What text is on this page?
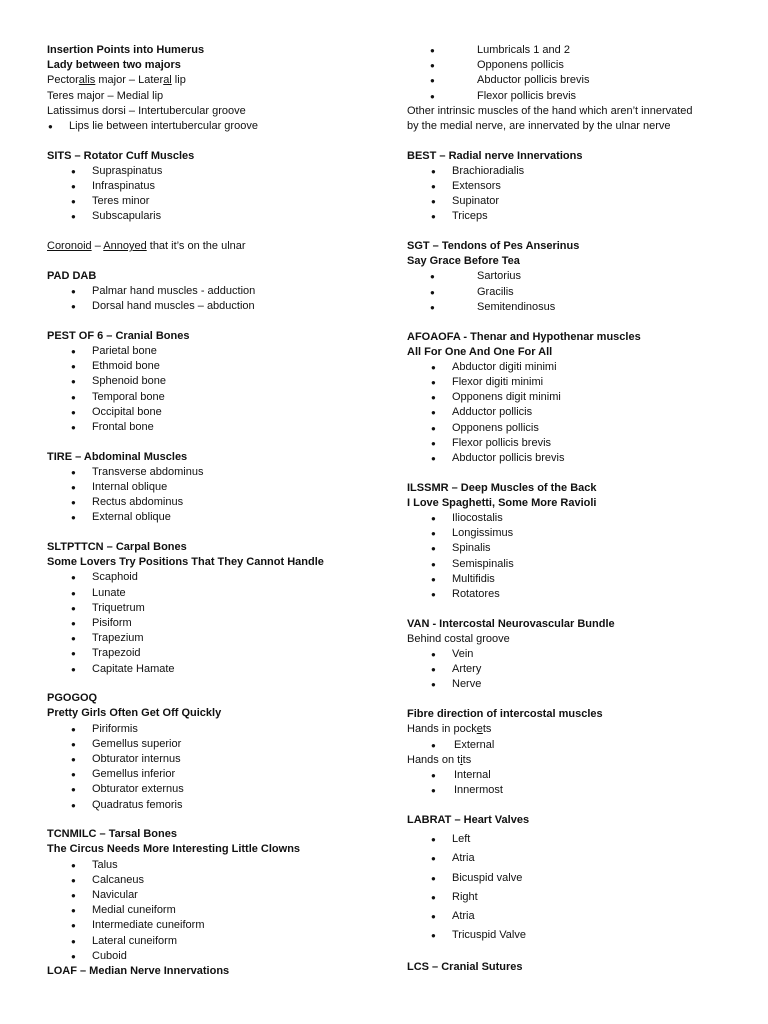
Insertion Points into Humerus
Lady between two majors
Pectoralis major – Lateral lip
Teres major – Medial lip
Latissimus dorsi – Intertubercular groove
● Lips lie between intertubercular groove
SITS – Rotator Cuff Muscles
● Supraspinatus
● Infraspinatus
● Teres minor
● Subscapularis
Coronoid – Annoyed that it’s on the ulnar
PAD DAB
● Palmar hand muscles - adduction
● Dorsal hand muscles – abduction
PEST OF 6 – Cranial Bones
● Parietal bone
● Ethmoid bone
● Sphenoid bone
● Temporal bone
● Occipital bone
● Frontal bone
TIRE – Abdominal Muscles
● Transverse abdominus
● Internal oblique
● Rectus abdominus
● External oblique
SLTPTTCN – Carpal Bones
Some Lovers Try Positions That They Cannot Handle
● Scaphoid
● Lunate
● Triquetrum
● Pisiform
● Trapezium
● Trapezoid
● Capitate Hamate
PGOGOQ
Pretty Girls Often Get Off Quickly
● Piriformis
● Gemellus superior
● Obturator internus
● Gemellus inferior
● Obturator externus
● Quadratus femoris
TCNMILC – Tarsal Bones
The Circus Needs More Interesting Little Clowns
● Talus
● Calcaneus
● Navicular
● Medial cuneiform
● Intermediate cuneiform
● Lateral cuneiform
● Cuboid
LOAF – Median Nerve Innervations
●	Lumbricals 1 and 2
●	Opponens pollicis
●	Abductor pollicis brevis
●	Flexor pollicis brevis
Other intrinsic muscles of the hand which aren’t innervated
by the medial nerve, are innervated by the ulnar nerve
BEST – Radial nerve Innervations
● Brachioradialis
● Extensors
● Supinator
● Triceps
SGT – Tendons of Pes Anserinus
Say Grace Before Tea
●	Sartorius
●	Gracilis
●	Semitendinosus
AFOAOFA - Thenar and Hypothenar muscles
All For One And One For All
● Abductor digiti minimi
● Flexor digiti minimi
● Opponens digit minimi
● Adductor pollicis
● Opponens pollicis
● Flexor pollicis brevis
● Abductor pollicis brevis
ILSSMR – Deep Muscles of the Back
I Love Spaghetti, Some More Ravioli
● Iliocostalis
● Longissimus
● Spinalis
● Semispinalis
● Multifidis
● Rotatores
VAN - Intercostal Neurovascular Bundle
Behind costal groove
● Vein
● Artery
● Nerve
Fibre direction of intercostal muscles
Hands in pockets
● External
Hands on tits
● Internal
● Innermost
LABRAT – Heart Valves
● Left
● Atria
● Bicuspid valve
● Right
● Atria
● Tricuspid Valve
LCS – Cranial Sutures
